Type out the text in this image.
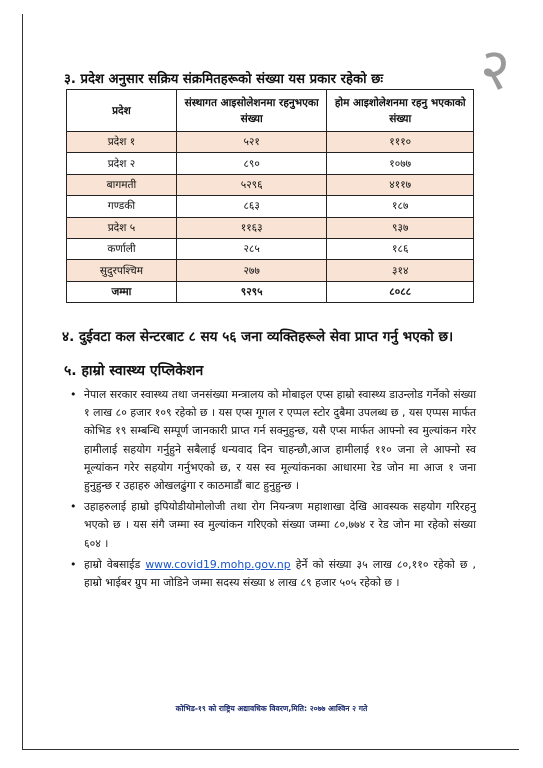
२
३. प्रदेश अनुसार सक्रिय संक्रमितहरूको संख्या यस प्रकार रहेको छः
प्रदेश	संस्थागत आइसोलेशनमा रहनुभएका संख्या	होम आइशोलेशनमा रहनु भएकाको संख्या
प्रदेश १	५२१	१११०
प्रदेश २	८९०	१०७७
बागमती	५२९६	४११७
गण्डकी	८६३	१८७
प्रदेश ५	११६३	९३७
कर्णाली	२८५	१८६
सुदुरपश्चिम	२७७	३१४
जम्मा	९२९५	८०८८
४. दुईवटा कल सेन्टरबाट ८ सय ५६ जना व्यक्तिहरूले सेवा प्राप्त गर्नु भएको छ।
५. हाम्रो स्वास्थ्य एप्लिकेशन
• नेपाल सरकार स्वास्थ्य तथा जनसंख्या मन्त्रालय को मोबाइल एप्स हाम्रो स्वास्थ्य डाउन्लोड गर्नेको संख्या १ लाख ८० हजार १०९ रहेको छ । यस एप्स गूगल र एप्पल स्टोर दुबैमा उपलब्ध छ , यस एप्पस मार्फत कोभिड १९ सम्बन्धि सम्पूर्ण जानकारी प्राप्त गर्न सक्नुहुन्छ, यसै एप्स मार्फत आफ्नो स्व मुल्यांकन गरेर हामीलाई सहयोग गर्नुहुने सबैलाई धन्यवाद दिन चाहन्छौ,आज हामीलाई ११० जना ले आफ्नो स्व मूल्यांकन गरेर सहयोग गर्नुभएको छ, र यस स्व मूल्यांकनका आधारमा रेड जोन मा आज १ जना हुनुहुन्छ र उहाहरु ओखलढुंगा र काठमाडौं बाट हुनुहुन्छ ।
• उहाहरुलाई हाम्रो इपियोडीयोमोलोजी तथा रोग नियन्त्रण महाशाखा देखि आवस्यक सहयोग गरिरहनु भएको छ । यस संगै जम्मा स्व मुल्यांकन गरिएको संख्या जम्मा ८०,७७४ र रेड जोन मा रहेको संख्या ६०४ ।
• हाम्रो वेबसाईड www.covid19.mohp.gov.np हेर्ने को संख्या ३५ लाख ८०,११० रहेको छ , हाम्रो भाईबर ग्रुप मा जोडिने जम्मा सदस्य संख्या ४ लाख ८९ हजार ५०५ रहेको छ ।
कोभिड-१९ को राष्ट्रिय अद्यावधिक विवरण,मिति: २०७७ आश्विन २ गते
